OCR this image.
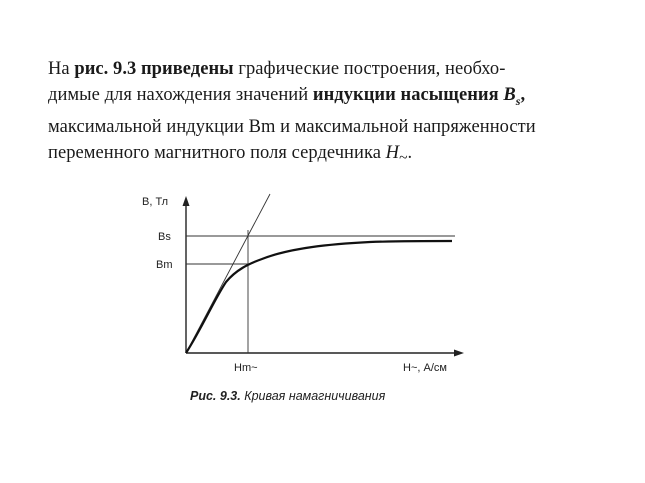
На рис. 9.3 приведены графические построения, необхо-
димые для нахождения значений индукции насыщения $B_s$,
максимальной индукции Вm и максимальной напряженности
переменного магнитного поля сердечника $H_\sim$.
B, Тл
Bs
Bm
Hm~	H~, А/см
Рис. 9.3. Кривая намагничивания
